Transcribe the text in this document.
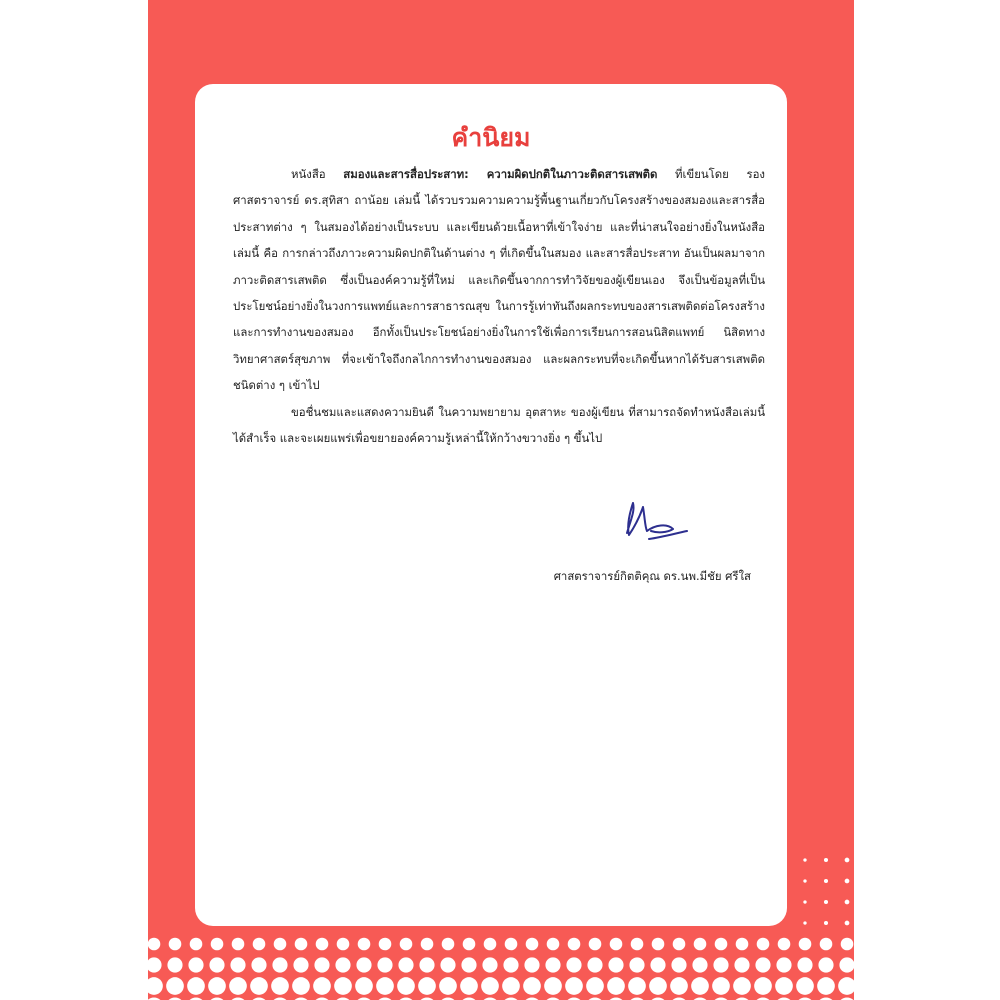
คำนิยม

หนังสือ สมองและสารสื่อประสาท: ความผิดปกติในภาวะติดสารเสพติด ที่เขียนโดย รองศาสตราจารย์ ดร.สุทิสา ถาน้อย เล่มนี้ ได้รวบรวมความความรู้พื้นฐานเกี่ยวกับโครงสร้างของสมองและสารสื่อประสาทต่าง ๆ ในสมองได้อย่างเป็นระบบ และเขียนด้วยเนื้อหาที่เข้าใจง่าย และที่น่าสนใจอย่างยิ่งในหนังสือเล่มนี้ คือ การกล่าวถึงภาวะความผิดปกติในด้านต่าง ๆ ที่เกิดขึ้นในสมอง และสารสื่อประสาท อันเป็นผลมาจากภาวะติดสารเสพติด ซึ่งเป็นองค์ความรู้ที่ใหม่ และเกิดขึ้นจากการทำวิจัยของผู้เขียนเอง จึงเป็นข้อมูลที่เป็นประโยชน์อย่างยิ่งในวงการแพทย์และการสาธารณสุข ในการรู้เท่าทันถึงผลกระทบของสารเสพติดต่อโครงสร้างและการทำงานของสมอง อีกทั้งเป็นประโยชน์อย่างยิ่งในการใช้เพื่อการเรียนการสอนนิสิตแพทย์ นิสิตทางวิทยาศาสตร์สุขภาพ ที่จะเข้าใจถึงกลไกการทำงานของสมอง และผลกระทบที่จะเกิดขึ้นหากได้รับสารเสพติดชนิดต่าง ๆ เข้าไป

ขอชื่นชมและแสดงความยินดี ในความพยายาม อุตสาหะ ของผู้เขียน ที่สามารถจัดทำหนังสือเล่มนี้ได้สำเร็จ และจะเผยแพร่เพื่อขยายองค์ความรู้เหล่านี้ให้กว้างขวางยิ่ง ๆ ขึ้นไป

ศาสตราจารย์กิตติคุณ ดร.นพ.มีชัย ศรีใส
